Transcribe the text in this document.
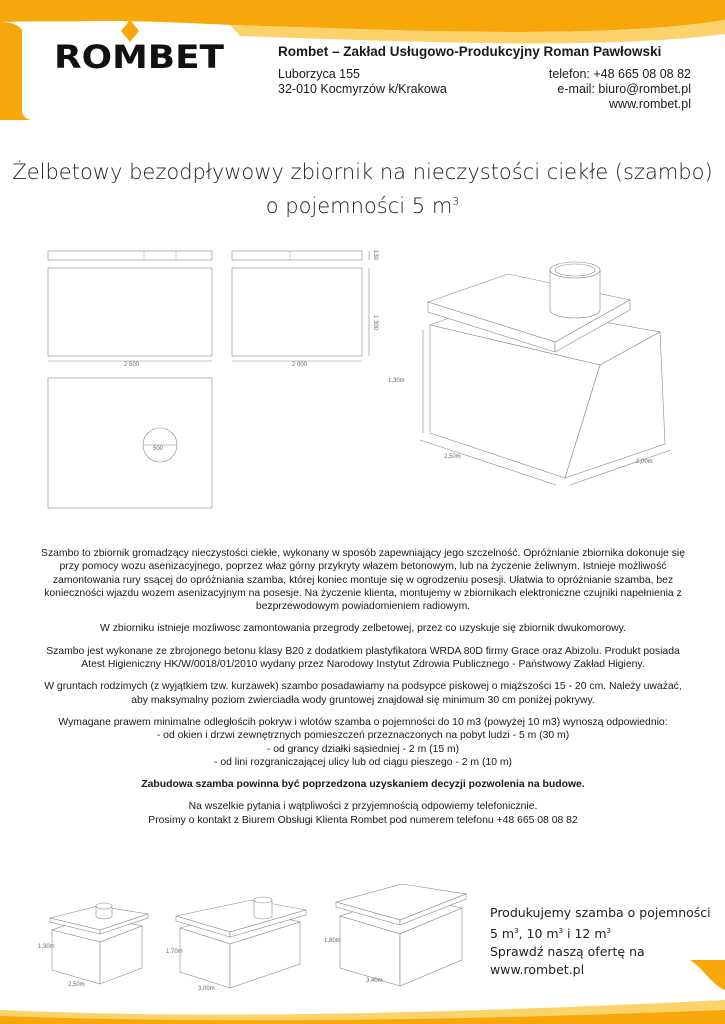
ROMBET	Rombet – Zakład Usługowo-Produkcyjny Roman Pawłowski
Luborzyca 155
32-010 Kocmyrzów k/Krakowa
telefon: +48 665 08 08 82
e-mail: biuro@rombet.pl
www.rombet.pl
Żelbetowy bezodpływowy zbiornik na nieczystości ciekłe (szambo)
o pojemności 5 $m^3$
2 500	2 000
1 300
130
500
1,30m
2,50m
2,00m

Szambo to zbiornik gromadzący nieczystości ciekłe, wykonany w sposób zapewniający jego szczelność. Opróżnianie zbiornika dokonuje się przy pomocy wozu asenizacyjnego, poprzez właz górny przykryty włazem betonowym, lub na życzenie żeliwnym. Istnieje możliwość zamontowania rury ssącej do opróżniania szamba, której koniec montuje się w ogrodzeniu posesji. Ułatwia to opróżnianie szamba, bez konieczności wjazdu wozem asenizacyjnym na posesje. Na życzenie klienta, montujemy w zbiornikach elektroniczne czujniki napełnienia z bezprzewodowym powiadomieniem radiowym.

W zbiorniku istnieje mozliwosc zamontowania przegrody zelbetowej, przez co uzyskuje się zbiornik dwukomorowy.

Szambo jest wykonane ze zbrojonego betonu klasy B20 z dodatkiem plastyfikatora WRDA 80D firmy Grace oraz Abizolu. Produkt posiada Atest Higieniczny HK/W/0018/01/2010 wydany przez Narodowy Instytut Zdrowia Publicznego - Państwowy Zakład Higieny.

W gruntach rodzimych (z wyjątkiem tzw. kurzawek) szambo posadawiamy na podsypce piskowej o miąższości 15 - 20 cm. Należy uważać, aby maksymalny poziom zwierciadła wody gruntowej znajdował się minimum 30 cm poniżej pokrywy.

Wymagane prawem minimalne odległościh pokryw i wlotów szamba o pojemności do 10 m3 (powyżej 10 m3) wynoszą odpowiednio:
- od okien i drzwi zewnętrznych pomieszczeń przeznaczonych na pobyt ludzi - 5 m (30 m)
- od grancy działki sąsiedniej - 2 m (15 m)
- od lini rozgraniczającej ulicy lub od ciągu pieszego - 2 m (10 m)

Zabudowa szamba powinna być poprzedzona uzyskaniem decyzji pozwolenia na budowe.

Na wszelkie pytania i wątpliwości z przyjemnością odpowiemy telefonicznie.
Prosimy o kontakt z Biurem Obsługi Klienta Rombet pod numerem telefonu +48 665 08 08 82

1,30m
2,50m
1,70m
3,00m
1,80m
3,40m
Produkujemy szamba o pojemności
5 $m^3$, 10 $m^3$ i 12 $m^3$
Sprawdź naszą ofertę na
www.rombet.pl
